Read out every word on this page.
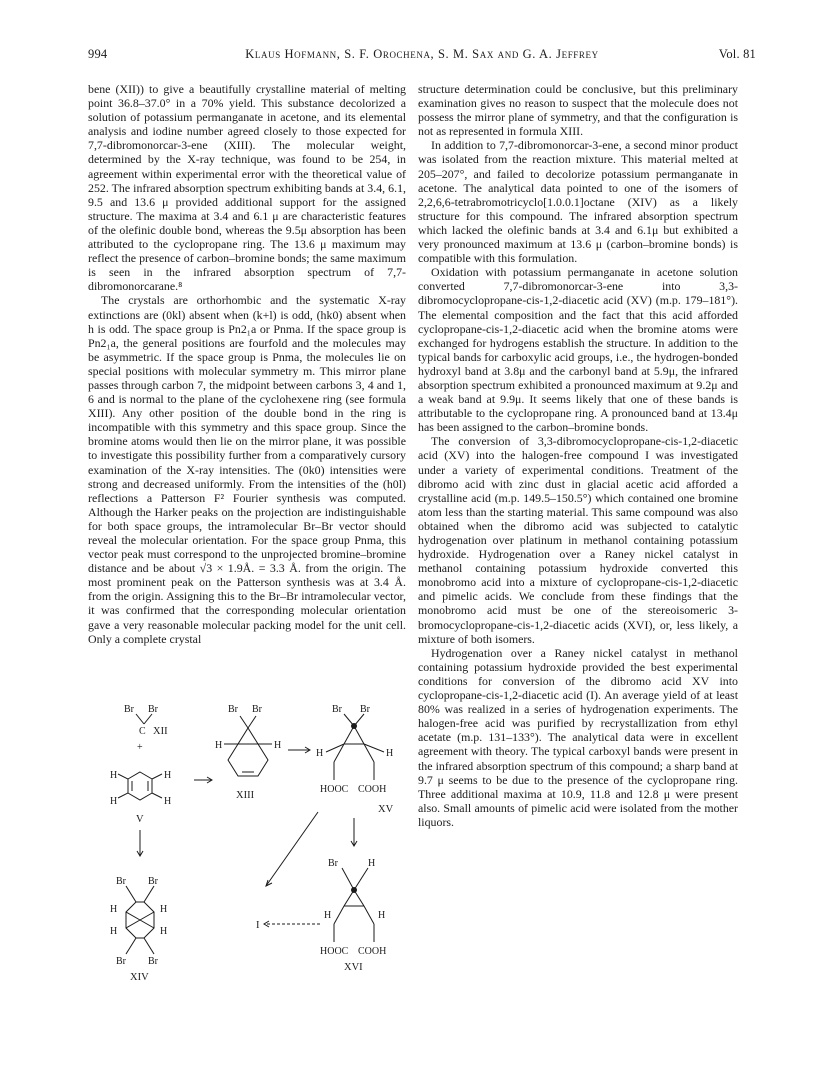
994	Klaus Hofmann, S. F. Orochena, S. M. Sax and G. A. Jeffrey	Vol. 81

bene (XII)) to give a beautifully crystalline material of melting point 36.8–37.0° in a 70% yield. This substance decolorized a solution of potassium permanganate in acetone, and its elemental analysis and iodine number agreed closely to those expected for 7,7-dibromonorcar-3-ene (XIII). The molecular weight, determined by the X-ray technique, was found to be 254, in agreement within experimental error with the theoretical value of 252. The infrared absorption spectrum exhibiting bands at 3.4, 6.1, 9.5 and 13.6 μ provided additional support for the assigned structure. The maxima at 3.4 and 6.1 μ are characteristic features of the olefinic double bond, whereas the 9.5μ absorption has been attributed to the cyclopropane ring. The 13.6 μ maximum may reflect the presence of carbon–bromine bonds; the same maximum is seen in the infrared absorption spectrum of 7,7-dibromonorcarane.⁸

The crystals are orthorhombic and the systematic X-ray extinctions are (0kl) absent when (k+l) is odd, (hk0) absent when h is odd. The space group is Pn2₁a or Pnma. If the space group is Pn2₁a, the general positions are fourfold and the molecules may be asymmetric. If the space group is Pnma, the molecules lie on special positions with molecular symmetry m. This mirror plane passes through carbon 7, the midpoint between carbons 3, 4 and 1, 6 and is normal to the plane of the cyclohexene ring (see formula XIII). Any other position of the double bond in the ring is incompatible with this symmetry and this space group. Since the bromine atoms would then lie on the mirror plane, it was possible to investigate this possibility further from a comparatively cursory examination of the X-ray intensities. The (0k0) intensities were strong and decreased uniformly. From the intensities of the (h0l) reflections a Patterson F² Fourier synthesis was computed. Although the Harker peaks on the projection are indistinguishable for both space groups, the intramolecular Br–Br vector should reveal the molecular orientation. For the space group Pnma, this vector peak must correspond to the unprojected bromine–bromine distance and be about √3 × 1.9Å. = 3.3 Å. from the origin. The most prominent peak on the Patterson synthesis was at 3.4 Å. from the origin. Assigning this to the Br–Br intramolecular vector, it was confirmed that the corresponding molecular orientation gave a very reasonable molecular packing model for the unit cell. Only a complete crystal

structure determination could be conclusive, but this preliminary examination gives no reason to suspect that the molecule does not possess the mirror plane of symmetry, and that the configuration is not as represented in formula XIII.

In addition to 7,7-dibromonorcar-3-ene, a second minor product was isolated from the reaction mixture. This material melted at 205–207°, and failed to decolorize potassium permanganate in acetone. The analytical data pointed to one of the isomers of 2,2,6,6-tetrabromotricyclo[1.0.0.1]octane (XIV) as a likely structure for this compound. The infrared absorption spectrum which lacked the olefinic bands at 3.4 and 6.1μ but exhibited a very pronounced maximum at 13.6 μ (carbon–bromine bonds) is compatible with this formulation.

Oxidation with potassium permanganate in acetone solution converted 7,7-dibromonorcar-3-ene into 3,3-dibromocyclopropane-cis-1,2-diacetic acid (XV) (m.p. 179–181°). The elemental composition and the fact that this acid afforded cyclopropane-cis-1,2-diacetic acid when the bromine atoms were exchanged for hydrogens establish the structure. In addition to the typical bands for carboxylic acid groups, i.e., the hydrogen-bonded hydroxyl band at 3.8μ and the carbonyl band at 5.9μ, the infrared absorption spectrum exhibited a pronounced maximum at 9.2μ and a weak band at 9.9μ. It seems likely that one of these bands is attributable to the cyclopropane ring. A pronounced band at 13.4μ has been assigned to the carbon–bromine bonds.

The conversion of 3,3-dibromocyclopropane-cis-1,2-diacetic acid (XV) into the halogen-free compound I was investigated under a variety of experimental conditions. Treatment of the dibromo acid with zinc dust in glacial acetic acid afforded a crystalline acid (m.p. 149.5–150.5°) which contained one bromine atom less than the starting material. This same compound was also obtained when the dibromo acid was subjected to catalytic hydrogenation over platinum in methanol containing potassium hydroxide. Hydrogenation over a Raney nickel catalyst in methanol containing potassium hydroxide converted this monobromo acid into a mixture of cyclopropane-cis-1,2-diacetic and pimelic acids. We conclude from these findings that the monobromo acid must be one of the stereoisomeric 3-bromocyclopropane-cis-1,2-diacetic acids (XVI), or, less likely, a mixture of both isomers.

Hydrogenation over a Raney nickel catalyst in methanol containing potassium hydroxide provided the best experimental conditions for conversion of the dibromo acid XV into cyclopropane-cis-1,2-diacetic acid (I). An average yield of at least 80% was realized in a series of hydrogenation experiments. The halogen-free acid was purified by recrystallization from ethyl acetate (m.p. 131–133°). The analytical data were in excellent agreement with theory. The typical carboxyl bands were present in the infrared absorption spectrum of this compound; a sharp band at 9.7 μ seems to be due to the presence of the cyclopropane ring. Three additional maxima at 10.9, 11.8 and 12.8 μ were present also. Small amounts of pimelic acid were isolated from the mother liquors.

Br Br
C XII
+
H
H
H
H
V
Br Br
H	H
XIII
Br Br
H	H
HOOC COOH
XV
Br Br
H	H
H	H
Br Br
XIV
I
Br	H
H	H
HOOC COOH
XVI
